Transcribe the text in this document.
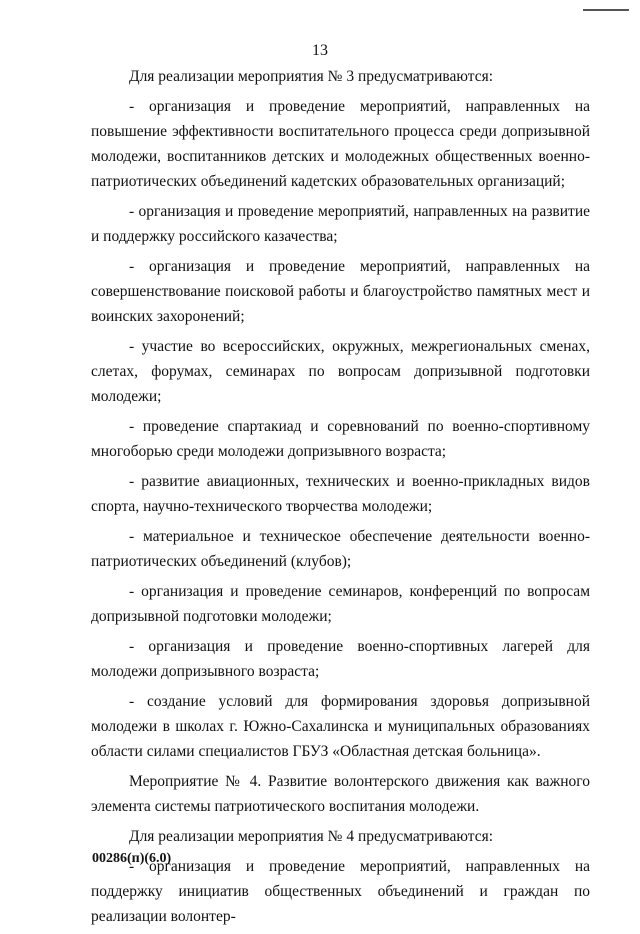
13

Для реализации мероприятия № 3 предусматриваются:

- организация и проведение мероприятий, направленных на повышение эффективности воспитательного процесса среди допризывной молодежи, воспитанников детских и молодежных общественных военно-патриотических объединений кадетских образовательных организаций;

- организация и проведение мероприятий, направленных на развитие и поддержку российского казачества;

- организация и проведение мероприятий, направленных на совершенствование поисковой работы и благоустройство памятных мест и воинских захоронений;

- участие во всероссийских, окружных, межрегиональных сменах, слетах, форумах, семинарах по вопросам допризывной подготовки молодежи;

- проведение спартакиад и соревнований по военно-спортивному многоборью среди молодежи допризывного возраста;

- развитие авиационных, технических и военно-прикладных видов спорта, научно-технического творчества молодежи;

- материальное и техническое обеспечение деятельности военно-патриотических объединений (клубов);

- организация и проведение семинаров, конференций по вопросам допризывной подготовки молодежи;

- организация и проведение военно-спортивных лагерей для молодежи допризывного возраста;

- создание условий для формирования здоровья допризывной молодежи в школах г. Южно-Сахалинска и муниципальных образованиях области силами специалистов ГБУЗ «Областная детская больница».

Мероприятие № 4. Развитие волонтерского движения как важного элемента системы патриотического воспитания молодежи.

Для реализации мероприятия № 4 предусматриваются:

- организация и проведение мероприятий, направленных на поддержку инициатив общественных объединений и граждан по реализации волонтер-

00286(п)(6.0)
